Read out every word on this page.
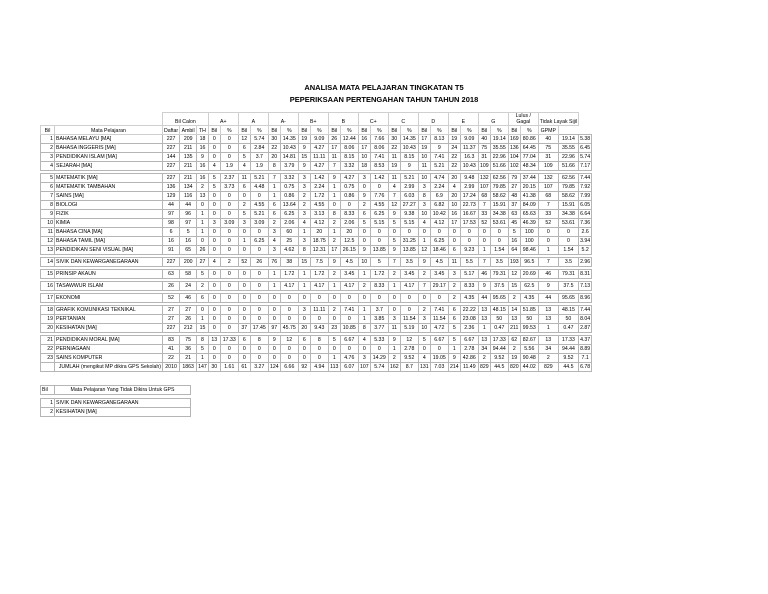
ANALISA MATA PELAJARAN TINGKATAN T5
PEPERIKSAAN PERTENGAHAN TAHUN TAHUN 2018
		Bil Calon			A+		A		A-		B+		B		C+		C		D		E		G		Lulus /
Gagal		Tidak Layak Sijil		
Bil	Mata Pelajaran	Daftar	Ambil	TH	Bil	%	Bil	%	Bil	%	Bil	%	Bil	%	Bil	%	Bil	%	Bil	%	Bil	%	Bil	%	Bil	%	GPMP		
1	BAHASA MELAYU [MA]	227	209	18	0	0	12	5.74	30	14.35	19	9.09	26	12.44	16	7.66	30	14.35	17	8.13	19	9.09	40	19.14	169	80.86	40	19.14	5.38
2	BAHASA INGGERIS [MA]	227	211	16	0	0	6	2.84	22	10.43	9	4.27	17	8.06	17	8.06	22	10.43	19	9	24	11.37	75	35.55	136	64.45	75	35.55	6.45
3	PENDIDIKAN ISLAM [MA]	144	135	9	0	0	5	3.7	20	14.81	15	11.11	11	8.15	10	7.41	11	8.15	10	7.41	22	16.3	31	22.96	104	77.04	31	22.96	5.74
4	SEJARAH [MA]	227	211	16	4	1.9	4	1.9	8	3.79	9	4.27	7	3.32	18	8.53	19	9	11	5.21	22	10.43	109	51.66	102	48.34	109	51.66	7.17

5	MATEMATIK [MA]	227	211	16	5	2.37	11	5.21	7	3.32	3	1.42	9	4.27	3	1.42	11	5.21	10	4.74	20	9.48	132	62.56	79	37.44	132	62.56	7.44
6	MATEMATIK TAMBAHAN	136	134	2	5	3.73	6	4.48	1	0.75	3	2.24	1	0.75	0	0	4	2.99	3	2.24	4	2.99	107	79.85	27	20.15	107	79.85	7.92
7	SAINS [MA]	129	116	13	0	0	0	0	1	0.86	2	1.72	1	0.86	9	7.76	7	6.03	8	6.9	20	17.24	68	58.62	48	41.38	68	58.62	7.99
8	BIOLOGI	44	44	0	0	0	2	4.55	6	13.64	2	4.55	0	0	2	4.55	12	27.27	3	6.82	10	22.73	7	15.91	37	84.09	7	15.91	6.05
9	FIZIK	97	96	1	0	0	5	5.21	6	6.25	3	3.13	8	8.33	6	6.25	9	9.38	10	10.42	16	16.67	33	34.38	63	65.63	33	34.38	6.64
10	KIMIA	98	97	1	3	3.09	3	3.09	2	2.06	4	4.12	2	2.06	5	5.15	5	5.15	4	4.12	17	17.53	52	53.61	45	46.39	52	53.61	7.36
11	BAHASA CINA [MA]	6	5	1	0	0	0	0	3	60	1	20	1	20	0	0	0	0	0	0	0	0	0	0	5	100	0	0	2.6
12	BAHASA TAMIL [MA]	16	16	0	0	0	1	6.25	4	25	3	18.75	2	12.5	0	0	5	31.25	1	6.25	0	0	0	0	16	100	0	0	3.94
13	PENDIDIKAN SENI VISUAL [MA]	91	65	26	0	0	0	0	3	4.62	8	12.31	17	26.15	9	13.85	9	13.85	12	18.46	6	9.23	1	1.54	64	98.46	1	1.54	5.2

14	SIVIK DAN KEWARGANEGARAAN	227	200	27	4	2	52	26	76	38	15	7.5	9	4.5	10	5	7	3.5	9	4.5	11	5.5	7	3.5	193	96.5	7	3.5	2.96

15	PRINSIP AKAUN	63	58	5	0	0	0	0	1	1.72	1	1.72	2	3.45	1	1.72	2	3.45	2	3.45	3	5.17	46	79.31	12	20.69	46	79.31	8.31

16	TASAWWUR ISLAM	26	24	2	0	0	0	0	1	4.17	1	4.17	1	4.17	2	8.33	1	4.17	7	29.17	2	8.33	9	37.5	15	62.5	9	37.5	7.13

17	EKONOMI	52	46	6	0	0	0	0	0	0	0	0	0	0	0	0	0	0	0	0	2	4.35	44	95.65	2	4.35	44	95.65	8.96

18	GRAFIK KOMUNIKASI TEKNIKAL	27	27	0	0	0	0	0	0	0	3	11.11	2	7.41	1	3.7	0	0	2	7.41	6	22.22	13	48.15	14	51.85	13	48.15	7.44
19	PERTANIAN	27	26	1	0	0	0	0	0	0	0	0	0	0	1	3.85	3	11.54	3	11.54	6	23.08	13	50	13	50	13	50	8.04
20	KESIHATAN [MA]	227	212	15	0	0	37	17.45	97	45.75	20	9.43	23	10.85	8	3.77	11	5.19	10	4.72	5	2.36	1	0.47	211	99.53	1	0.47	2.87

21	PENDIDIKAN MORAL [MA]	83	75	8	13	17.33	6	8	9	12	6	8	5	6.67	4	5.33	9	12	5	6.67	5	6.67	13	17.33	62	82.67	13	17.33	4.37
22	PERNIAGAAN	41	36	5	0	0	0	0	0	0	0	0	0	0	0	0	1	2.78	0	0	1	2.78	34	94.44	2	5.56	34	94.44	8.89
23	SAINS KOMPUTER	22	21	1	0	0	0	0	0	0	0	0	1	4.76	3	14.29	2	9.52	4	19.05	9	42.86	2	9.52	19	90.48	2	9.52	7.1
	JUMLAH (mengikut MP dikira GPS Sekolah)	2010	1863	147	30	1.61	61	3.27	124	6.66	92	4.94	113	6.07	107	5.74	162	8.7	131	7.03	214	11.49	829	44.5	820	44.02	829	44.5	6.78
Bil	Mata Pelajaran Yang Tidak Dikira Untuk GPS

1	SIVIK DAN KEWARGANEGARAAN
2	KESIHATAN [MA]
